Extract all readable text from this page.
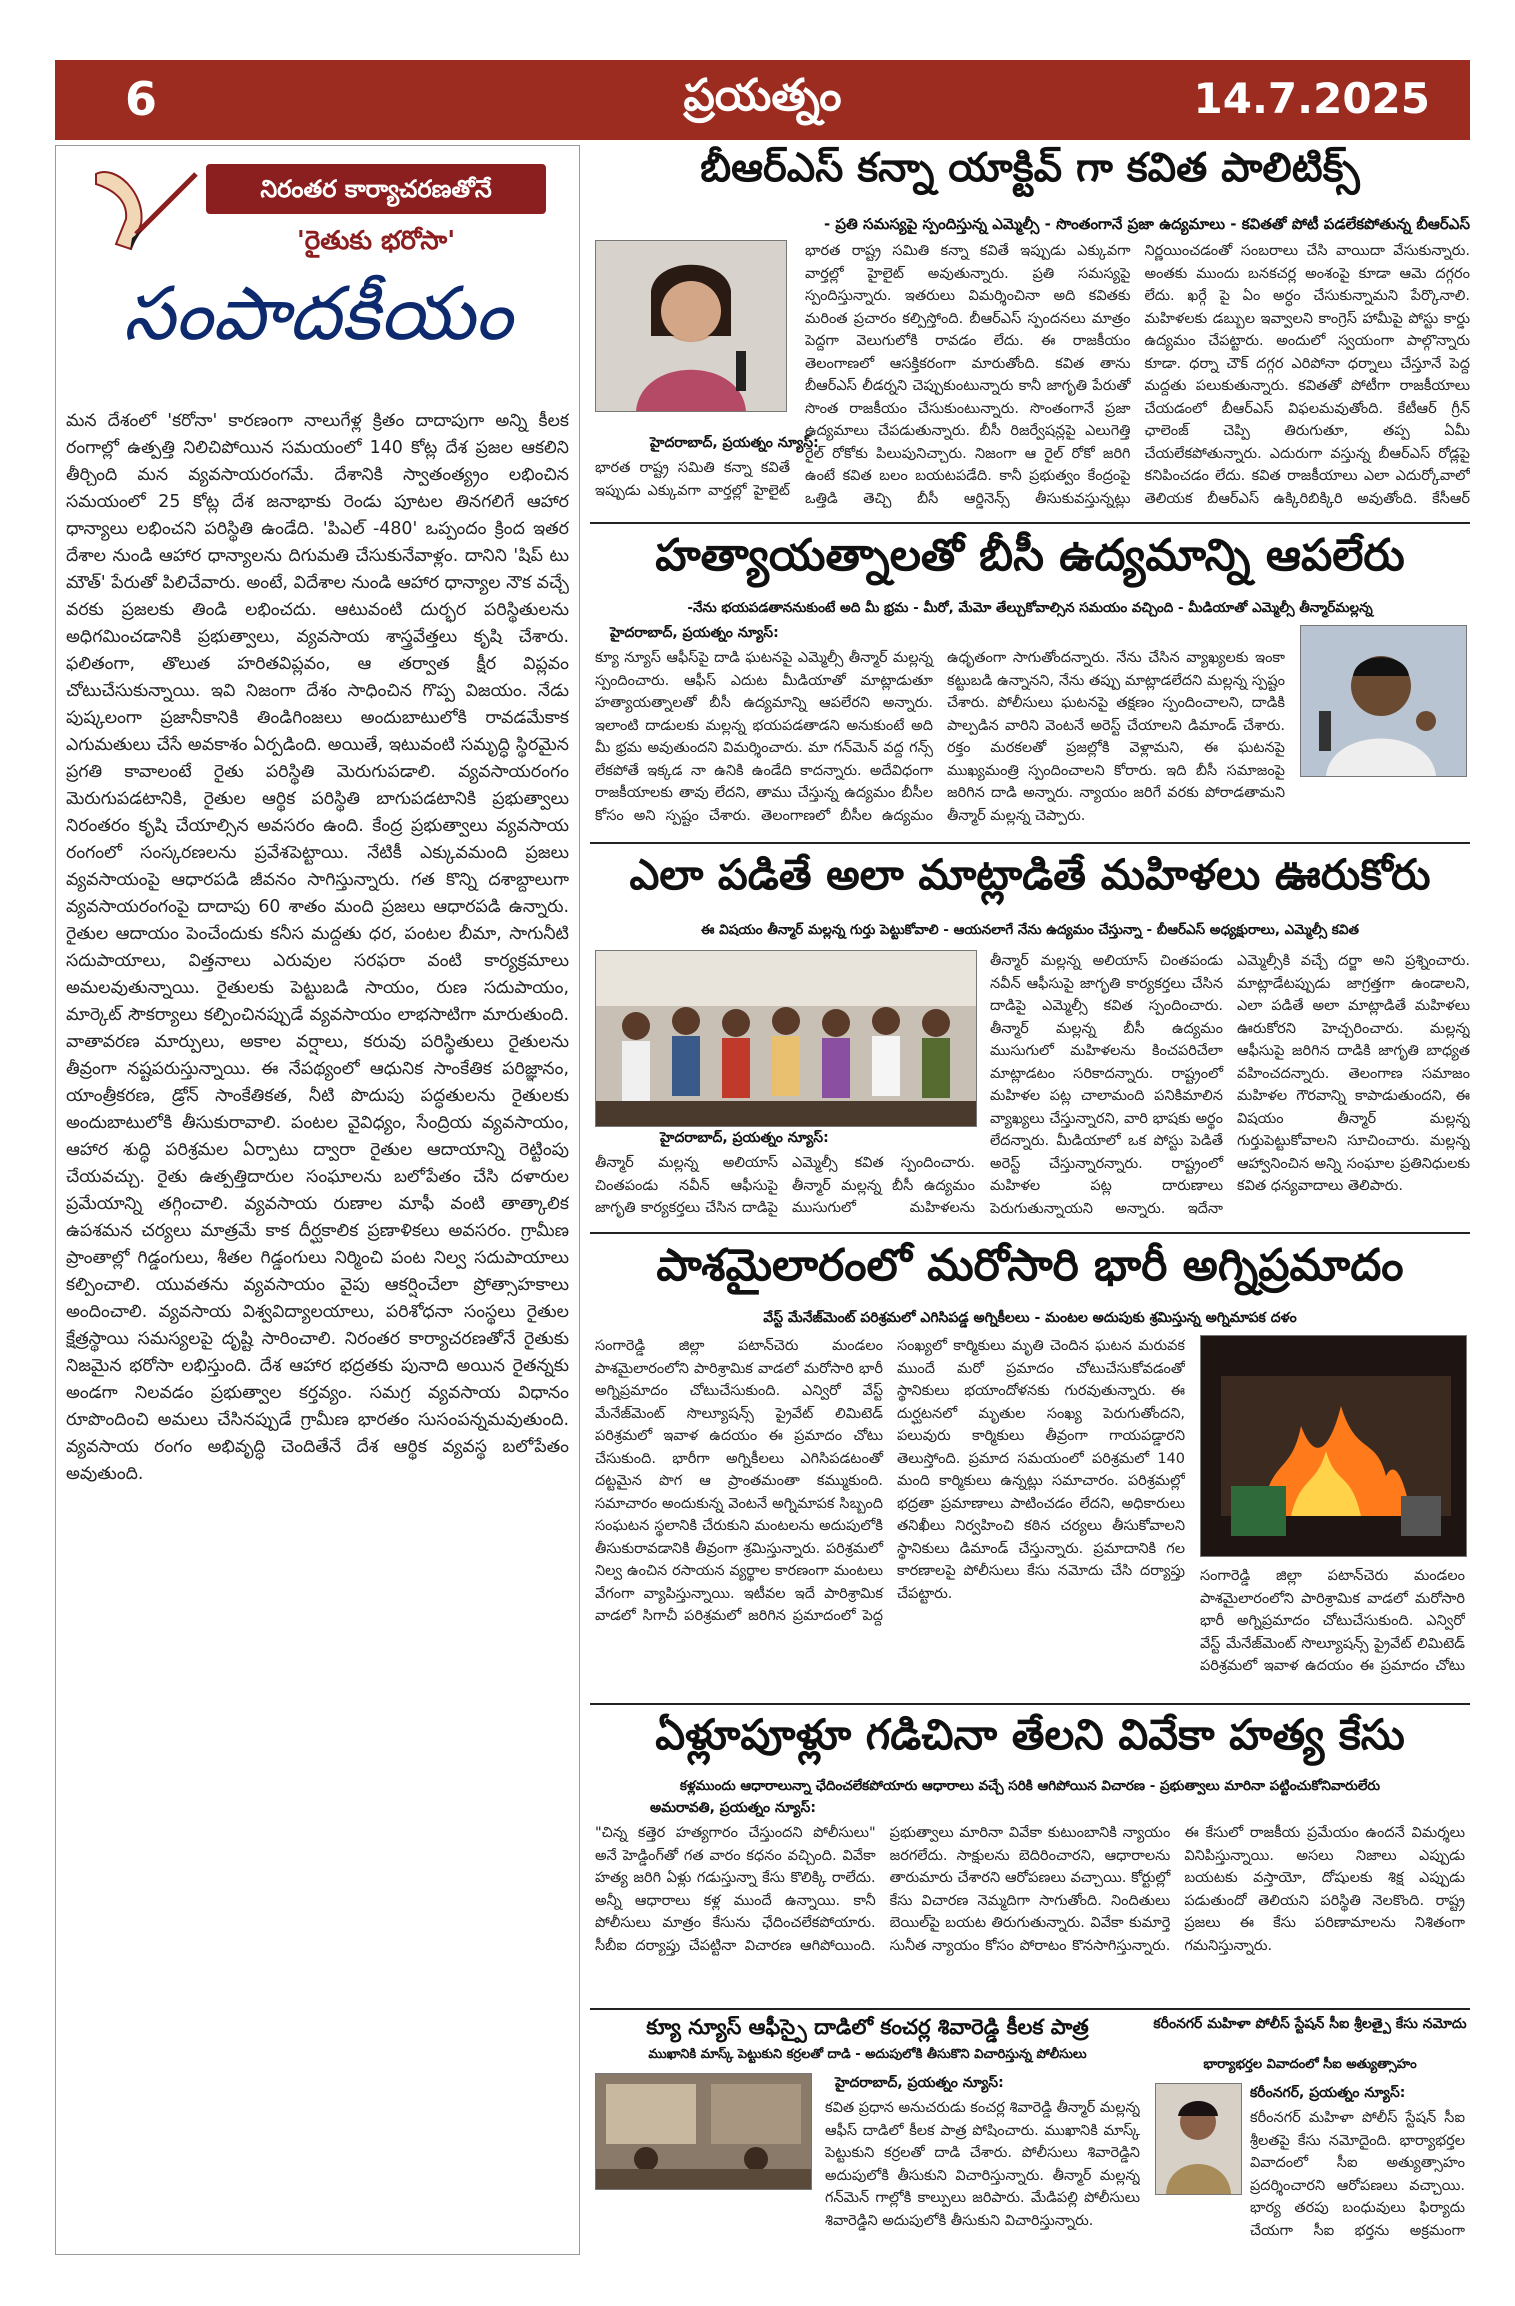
6	ప్రయత్నం	14.7.2025
నిరంతర కార్యాచరణతోనే
'రైతుకు భరోసా'
సంపాదకీయం
మన దేశంలో 'కరోనా' కారణంగా నాలుగేళ్ల క్రితం దాదాపుగా అన్ని కీలక రంగాల్లో ఉత్పత్తి నిలిచిపోయిన సమయంలో 140 కోట్ల దేశ ప్రజల ఆకలిని తీర్చింది మన వ్యవసాయరంగమే. దేశానికి స్వాతంత్య్రం లభించిన సమయంలో 25 కోట్ల దేశ జనాభాకు రెండు పూటల తినగలిగే ఆహార ధాన్యాలు లభించని పరిస్థితి ఉండేది. 'పిఎల్ -480' ఒప్పందం క్రింద ఇతర దేశాల నుండి ఆహార ధాన్యాలను దిగుమతి చేసుకునేవాళ్లం. దానిని 'షిప్ టు మౌత్' పేరుతో పిలిచేవారు. అంటే, విదేశాల నుండి ఆహార ధాన్యాల నౌక వచ్చే వరకు ప్రజలకు తిండి లభించదు. ఆటువంటి దుర్భర పరిస్థితులను అధిగమించడానికి ప్రభుత్వాలు, వ్యవసాయ శాస్త్రవేత్తలు కృషి చేశారు. ఫలితంగా, తొలుత హరితవిప్లవం, ఆ తర్వాత క్షీర విప్లవం చోటుచేసుకున్నాయి. ఇవి నిజంగా దేశం సాధించిన గొప్ప విజయం. నేడు పుష్కలంగా ప్రజానీకానికి తిండిగింజలు అందుబాటులోకి రావడమేకాక ఎగుమతులు చేసే అవకాశం ఏర్పడింది. అయితే, ఇటువంటి సమృద్ధి స్థిరమైన ప్రగతి కావాలంటే రైతు పరిస్థితి మెరుగుపడాలి. వ్యవసాయరంగం మెరుగుపడటానికి, రైతుల ఆర్థిక పరిస్థితి బాగుపడటానికి ప్రభుత్వాలు నిరంతరం కృషి చేయాల్సిన అవసరం ఉంది. కేంద్ర ప్రభుత్వాలు వ్యవసాయ రంగంలో సంస్కరణలను ప్రవేశపెట్టాయి. నేటికీ ఎక్కువమంది ప్రజలు వ్యవసాయంపై ఆధారపడి జీవనం సాగిస్తున్నారు. గత కొన్ని దశాబ్దాలుగా వ్యవసాయరంగంపై దాదాపు 60 శాతం మంది ప్రజలు ఆధారపడి ఉన్నారు. రైతుల ఆదాయం పెంచేందుకు కనీస మద్దతు ధర, పంటల బీమా, సాగునీటి సదుపాయాలు, విత్తనాలు ఎరువుల సరఫరా వంటి కార్యక్రమాలు అమలవుతున్నాయి. రైతులకు పెట్టుబడి సాయం, రుణ సదుపాయం, మార్కెట్ సౌకర్యాలు కల్పించినప్పుడే వ్యవసాయం లాభసాటిగా మారుతుంది. వాతావరణ మార్పులు, అకాల వర్షాలు, కరువు పరిస్థితులు రైతులను తీవ్రంగా నష్టపరుస్తున్నాయి. ఈ నేపథ్యంలో ఆధునిక సాంకేతిక పరిజ్ఞానం, యాంత్రీకరణ, డ్రోన్ సాంకేతికత, నీటి పొదుపు పద్ధతులను రైతులకు అందుబాటులోకి తీసుకురావాలి. పంటల వైవిధ్యం, సేంద్రియ వ్యవసాయం, ఆహార శుద్ధి పరిశ్రమల ఏర్పాటు ద్వారా రైతుల ఆదాయాన్ని రెట్టింపు చేయవచ్చు. రైతు ఉత్పత్తిదారుల సంఘాలను బలోపేతం చేసి దళారుల ప్రమేయాన్ని తగ్గించాలి. వ్యవసాయ రుణాల మాఫీ వంటి తాత్కాలిక ఉపశమన చర్యలు మాత్రమే కాక దీర్ఘకాలిక ప్రణాళికలు అవసరం. గ్రామీణ ప్రాంతాల్లో గిడ్డంగులు, శీతల గిడ్డంగులు నిర్మించి పంట నిల్వ సదుపాయాలు కల్పించాలి. యువతను వ్యవసాయం వైపు ఆకర్షించేలా ప్రోత్సాహకాలు అందించాలి. వ్యవసాయ విశ్వవిద్యాలయాలు, పరిశోధనా సంస్థలు రైతుల క్షేత్రస్థాయి సమస్యలపై దృష్టి సారించాలి. నిరంతర కార్యాచరణతోనే రైతుకు నిజమైన భరోసా లభిస్తుంది. దేశ ఆహార భద్రతకు పునాది అయిన రైతన్నకు అండగా నిలవడం ప్రభుత్వాల కర్తవ్యం. సమగ్ర వ్యవసాయ విధానం రూపొందించి అమలు చేసినప్పుడే గ్రామీణ భారతం సుసంపన్నమవుతుంది. వ్యవసాయ రంగం అభివృద్ధి చెందితేనే దేశ ఆర్థిక వ్యవస్థ బలోపేతం అవుతుంది.
బీఆర్ఎస్ కన్నా యాక్టివ్ గా కవిత పాలిటిక్స్
- ప్రతి సమస్యపై స్పందిస్తున్న ఎమ్మెల్సీ - సొంతంగానే ప్రజా ఉద్యమాలు - కవితతో పోటీ పడలేకపోతున్న బీఆర్ఎస్
హైదరాబాద్, ప్రయత్నం న్యూస్:
భారత రాష్ట్ర సమితి కన్నా కవితే ఇప్పుడు ఎక్కువగా వార్తల్లో హైలైట్
భారత రాష్ట్ర సమితి కన్నా కవితే ఇప్పుడు ఎక్కువగా వార్తల్లో హైలైట్ అవుతున్నారు. ప్రతి సమస్యపై స్పందిస్తున్నారు. ఇతరులు విమర్శించినా అది కవితకు మరింత ప్రచారం కల్పిస్తోంది. బీఆర్ఎస్ స్పందనలు మాత్రం పెద్దగా వెలుగులోకి రావడం లేదు. ఈ రాజకీయం తెలంగాణలో ఆసక్తికరంగా మారుతోంది. కవిత తాను బీఆర్ఎస్ లీడర్నని చెప్పుకుంటున్నారు కానీ జాగృతి పేరుతో సొంత రాజకీయం చేసుకుంటున్నారు. సొంతంగానే ప్రజా ఉద్యమాలు చేపడుతున్నారు. బీసీ రిజర్వేషన్లపై ఎలుగెత్తి రైల్ రోకోకు పిలుపునిచ్చారు. నిజంగా ఆ రైల్ రోకో జరిగి ఉంటే కవిత బలం బయటపడేది. కానీ ప్రభుత్వం కేంద్రంపై ఒత్తిడి తెచ్చి బీసీ ఆర్డినెన్స్ తీసుకువస్తున్నట్లు నిర్ణయించడంతో సంబరాలు చేసి వాయిదా వేసుకున్నారు. అంతకు ముందు బనకచర్ల అంశంపై కూడా ఆమె దగ్గరం లేదు. ఖర్గే పై ఏం అర్ధం చేసుకున్నామని పేర్కొనాలి. మహిళలకు డబ్బుల ఇవ్వాలని కాంగ్రెస్ హామీపై పోస్టు కార్డు ఉద్యమం చేపట్టారు. అందులో స్వయంగా పాల్గొన్నారు కూడా. ధర్నా చౌక్ దగ్గర ఎరిపోనా ధర్నాలు చేస్తూనే పెద్ద మద్దతు పలుకుతున్నారు. కవితతో పోటీగా రాజకీయాలు చేయడంలో బీఆర్ఎస్ విఫలమవుతోంది. కేటీఆర్ గ్రీన్ ఛాలెంజ్ చెప్పి తిరుగుతూ, తప్ప ఏమీ చేయలేకపోతున్నారు. ఎదురుగా వస్తున్న బీఆర్ఎస్ రోడ్లపై కనిపించడం లేదు. కవిత రాజకీయాలు ఎలా ఎదుర్కోవాలో తెలియక బీఆర్ఎస్ ఉక్కిరిబిక్కిరి అవుతోంది. కేసీఆర్
హత్యాయత్నాలతో బీసీ ఉద్యమాన్ని ఆపలేరు
-నేను భయపడతాననుకుంటే అది మీ భ్రమ - మీరో, మేమో తేల్చుకోవాల్సిన సమయం వచ్చింది - మీడియాతో ఎమ్మెల్సీ తీన్మార్‌మల్లన్న
హైదరాబాద్, ప్రయత్నం న్యూస్:
క్యూ న్యూస్ ఆఫీస్‌పై దాడి ఘటనపై ఎమ్మెల్సీ తీన్మార్ మల్లన్న స్పందించారు. ఆఫీస్ ఎదుట మీడియాతో మాట్లాడుతూ హత్యాయత్నాలతో బీసీ ఉద్యమాన్ని ఆపలేరని అన్నారు. ఇలాంటి దాడులకు మల్లన్న భయపడతాడని అనుకుంటే అది మీ భ్రమ అవుతుందని విమర్శించారు. మా గన్‌మెన్ వద్ద గన్స్ లేకపోతే ఇక్కడ నా ఉనికి ఉండేది కాదన్నారు. అదేవిధంగా రాజకీయాలకు తావు లేదని, తాము చేస్తున్న ఉద్యమం బీసీల కోసం అని స్పష్టం చేశారు. తెలంగాణలో బీసీల ఉద్యమం ఉధృతంగా సాగుతోందన్నారు. నేను చేసిన వ్యాఖ్యలకు ఇంకా కట్టుబడి ఉన్నానని, నేను తప్పు మాట్లాడలేదని మల్లన్న స్పష్టం చేశారు. పోలీసులు ఘటనపై తక్షణం స్పందించాలని, దాడికి పాల్పడిన వారిని వెంటనే అరెస్ట్ చేయాలని డిమాండ్ చేశారు. రక్తం మరకలతో ప్రజల్లోకి వెళ్లామని, ఈ ఘటనపై ముఖ్యమంత్రి స్పందించాలని కోరారు. ఇది బీసీ సమాజంపై జరిగిన దాడి అన్నారు. న్యాయం జరిగే వరకు పోరాడతామని తీన్మార్ మల్లన్న చెప్పారు.
ఎలా పడితే అలా మాట్లాడితే మహిళలు ఊరుకోరు
ఈ విషయం తీన్మార్ మల్లన్న గుర్తు పెట్టుకోవాలి - ఆయనలాగే నేను ఉద్యమం చేస్తున్నా - బీఆర్ఎస్ అధ్యక్షురాలు, ఎమ్మెల్సీ కవిత
హైదరాబాద్, ప్రయత్నం న్యూస్:
తీన్మార్ మల్లన్న అలియాస్ చింతపండు నవీన్ ఆఫీసుపై జాగృతి కార్యకర్తలు చేసిన దాడిపై ఎమ్మెల్సీ కవిత స్పందించారు. తీన్మార్ మల్లన్న బీసీ ఉద్యమం ముసుగులో మహిళలను
తీన్మార్ మల్లన్న అలియాస్ చింతపండు నవీన్ ఆఫీసుపై జాగృతి కార్యకర్తలు చేసిన దాడిపై ఎమ్మెల్సీ కవిత స్పందించారు. తీన్మార్ మల్లన్న బీసీ ఉద్యమం ముసుగులో మహిళలను కించపరిచేలా మాట్లాడటం సరికాదన్నారు. రాష్ట్రంలో మహిళల పట్ల చాలామంది పనికిమాలిన వ్యాఖ్యలు చేస్తున్నారని, వారి భాషకు అర్థం లేదన్నారు. మీడియాలో ఒక పోస్టు పెడితే అరెస్ట్ చేస్తున్నారన్నారు. రాష్ట్రంలో మహిళల పట్ల దారుణాలు పెరుగుతున్నాయని అన్నారు. ఇదేనా ఎమ్మెల్సీకి వచ్చే దర్జా అని ప్రశ్నించారు. మాట్లాడేటప్పుడు జాగ్రత్తగా ఉండాలని, ఎలా పడితే అలా మాట్లాడితే మహిళలు ఊరుకోరని హెచ్చరించారు. మల్లన్న ఆఫీసుపై జరిగిన దాడికి జాగృతి బాధ్యత వహించదన్నారు. తెలంగాణ సమాజం మహిళల గౌరవాన్ని కాపాడుతుందని, ఈ విషయం తీన్మార్ మల్లన్న గుర్తుపెట్టుకోవాలని సూచించారు. మల్లన్న ఆహ్వానించిన అన్ని సంఘాల ప్రతినిధులకు కవిత ధన్యవాదాలు తెలిపారు.
పాశమైలారంలో మరోసారి భారీ అగ్నిప్రమాదం
వేస్ట్ మేనేజ్‌మెంట్ పరిశ్రమలో ఎగిసిపడ్డ అగ్నికీలలు - మంటల అదుపుకు శ్రమిస్తున్న అగ్నిమాపక దళం
సంగారెడ్డి జిల్లా పటాన్‌చెరు మండలం పాశమైలారంలోని పారిశ్రామిక వాడలో మరోసారి భారీ అగ్నిప్రమాదం చోటుచేసుకుంది. ఎన్విరో వేస్ట్ మేనేజ్‌మెంట్ సొల్యూషన్స్ ప్రైవేట్ లిమిటెడ్ పరిశ్రమలో ఇవాళ ఉదయం ఈ ప్రమాదం చోటు చేసుకుంది. భారీగా అగ్నికీలలు ఎగిసిపడటంతో దట్టమైన పొగ ఆ ప్రాంతమంతా కమ్ముకుంది. సమాచారం అందుకున్న వెంటనే అగ్నిమాపక సిబ్బంది సంఘటన స్థలానికి చేరుకుని మంటలను అదుపులోకి తీసుకురావడానికి తీవ్రంగా శ్రమిస్తున్నారు. పరిశ్రమలో నిల్వ ఉంచిన రసాయన వ్యర్థాల కారణంగా మంటలు వేగంగా వ్యాపిస్తున్నాయి. ఇటీవల ఇదే పారిశ్రామిక వాడలో సిగాచీ పరిశ్రమలో జరిగిన ప్రమాదంలో పెద్ద సంఖ్యలో కార్మికులు మృతి చెందిన ఘటన మరువక ముందే మరో ప్రమాదం చోటుచేసుకోవడంతో స్థానికులు భయాందోళనకు గురవుతున్నారు. ఈ దుర్ఘటనలో మృతుల సంఖ్య పెరుగుతోందని, పలువురు కార్మికులు తీవ్రంగా గాయపడ్డారని తెలుస్తోంది. ప్రమాద సమయంలో పరిశ్రమలో 140 మంది కార్మికులు ఉన్నట్లు సమాచారం. పరిశ్రమల్లో భద్రతా ప్రమాణాలు పాటించడం లేదని, అధికారులు తనిఖీలు నిర్వహించి కఠిన చర్యలు తీసుకోవాలని స్థానికులు డిమాండ్ చేస్తున్నారు. ప్రమాదానికి గల కారణాలపై పోలీసులు కేసు నమోదు చేసి దర్యాప్తు చేపట్టారు.
సంగారెడ్డి జిల్లా పటాన్‌చెరు మండలం పాశమైలారంలోని పారిశ్రామిక వాడలో మరోసారి భారీ అగ్నిప్రమాదం చోటుచేసుకుంది. ఎన్విరో వేస్ట్ మేనేజ్‌మెంట్ సొల్యూషన్స్ ప్రైవేట్ లిమిటెడ్ పరిశ్రమలో ఇవాళ ఉదయం ఈ ప్రమాదం చోటు
ఏళ్లూపూళ్లూ గడిచినా తేలని వివేకా హత్య కేసు
కళ్లముందు ఆధారాలున్నా ఛేదించలేకపోయారు ఆధారాలు వచ్చే సరికి ఆగిపోయిన విచారణ - ప్రభుత్వాలు మారినా పట్టించుకోనివారులేరు
అమరావతి, ప్రయత్నం న్యూస్:
"చిన్న కత్తెర హత్యగారం చేస్తుందని పోలీసులు" అనే హెడ్డింగ్‌తో గత వారం కధనం వచ్చింది. వివేకా హత్య జరిగి ఏళ్లు గడుస్తున్నా కేసు కొలిక్కి రాలేదు. అన్నీ ఆధారాలు కళ్ల ముందే ఉన్నాయి. కానీ పోలీసులు మాత్రం కేసును ఛేదించలేకపోయారు. సీబీఐ దర్యాప్తు చేపట్టినా విచారణ ఆగిపోయింది. ప్రభుత్వాలు మారినా వివేకా కుటుంబానికి న్యాయం జరగలేదు. సాక్షులను బెదిరించారని, ఆధారాలను తారుమారు చేశారని ఆరోపణలు వచ్చాయి. కోర్టుల్లో కేసు విచారణ నెమ్మదిగా సాగుతోంది. నిందితులు బెయిల్‌పై బయట తిరుగుతున్నారు. వివేకా కుమార్తె సునీత న్యాయం కోసం పోరాటం కొనసాగిస్తున్నారు. ఈ కేసులో రాజకీయ ప్రమేయం ఉందనే విమర్శలు వినిపిస్తున్నాయి. అసలు నిజాలు ఎప్పుడు బయటకు వస్తాయో, దోషులకు శిక్ష ఎప్పుడు పడుతుందో తెలియని పరిస్థితి నెలకొంది. రాష్ట్ర ప్రజలు ఈ కేసు పరిణామాలను నిశితంగా గమనిస్తున్నారు.
క్యూ న్యూస్ ఆఫీస్పై దాడిలో కంచర్ల శివారెడ్డి కీలక పాత్ర
ముఖానికి మాస్క్ పెట్టుకుని కర్రలతో దాడి - అదుపులోకి తీసుకొని విచారిస్తున్న పోలీసులు
హైదరాబాద్, ప్రయత్నం న్యూస్:
కవిత ప్రధాన అనుచరుడు కంచర్ల శివారెడ్డి తీన్మార్ మల్లన్న ఆఫీస్ దాడిలో కీలక పాత్ర పోషించారు. ముఖానికి మాస్క్ పెట్టుకుని కర్రలతో దాడి చేశారు. పోలీసులు శివారెడ్డిని అదుపులోకి తీసుకుని విచారిస్తున్నారు. తీన్మార్ మల్లన్న గన్‌మెన్ గాల్లోకి కాల్పులు జరిపారు. మేడిపల్లి పోలీసులు శివారెడ్డిని అదుపులోకి తీసుకుని విచారిస్తున్నారు.
కరీంనగర్ మహిళా పోలీస్ స్టేషన్ సీఐ శ్రీలత్పై కేసు నమోదు
భార్యాభర్తల వివాదంలో సీఐ అత్యుత్సాహం
కరీంనగర్, ప్రయత్నం న్యూస్:
కరీంనగర్ మహిళా పోలీస్ స్టేషన్ సీఐ శ్రీలతపై కేసు నమోదైంది. భార్యాభర్తల వివాదంలో సీఐ అత్యుత్సాహం ప్రదర్శించారని ఆరోపణలు వచ్చాయి. భార్య తరపు బంధువులు ఫిర్యాదు చేయగా సీఐ భర్తను అక్రమంగా
